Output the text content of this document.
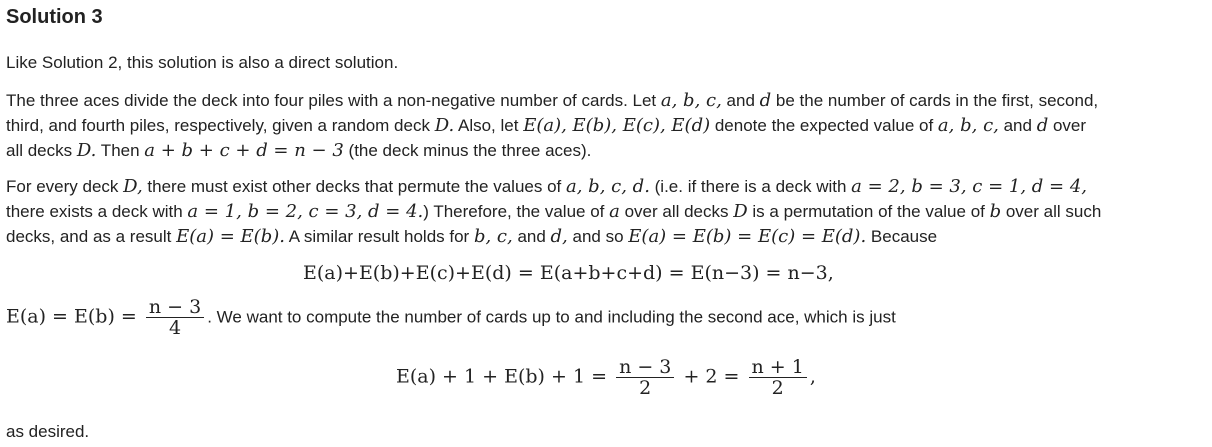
Solution 3

Like Solution 2, this solution is also a direct solution.

The three aces divide the deck into four piles with a non-negative number of cards. Let a, b, c, and d be the number of cards in the first, second,
third, and fourth piles, respectively, given a random deck D. Also, let E(a), E(b), E(c), E(d) denote the expected value of a, b, c, and d over
all decks D. Then a + b + c + d = n − 3 (the deck minus the three aces).

For every deck D, there must exist other decks that permute the values of a, b, c, d. (i.e. if there is a deck with a = 2, b = 3, c = 1, d = 4,
there exists a deck with a = 1, b = 2, c = 3, d = 4.) Therefore, the value of a over all decks D is a permutation of the value of b over all such
decks, and as a result E(a) = E(b). A similar result holds for b, c, and d, and so E(a) = E(b) = E(c) = E(d). Because

E(a)+E(b)+E(c)+E(d) = E(a+b+c+d) = E(n−3) = n−3,
$E(a) = E(b) = \frac{n - 3}{4}$ . We want to compute the number of cards up to and including the second ace, which is just
$E(a) + 1 + E(b) + 1 = \frac{n - 3}{2} + 2 = \frac{n + 1}{2}$ ,

as desired.
